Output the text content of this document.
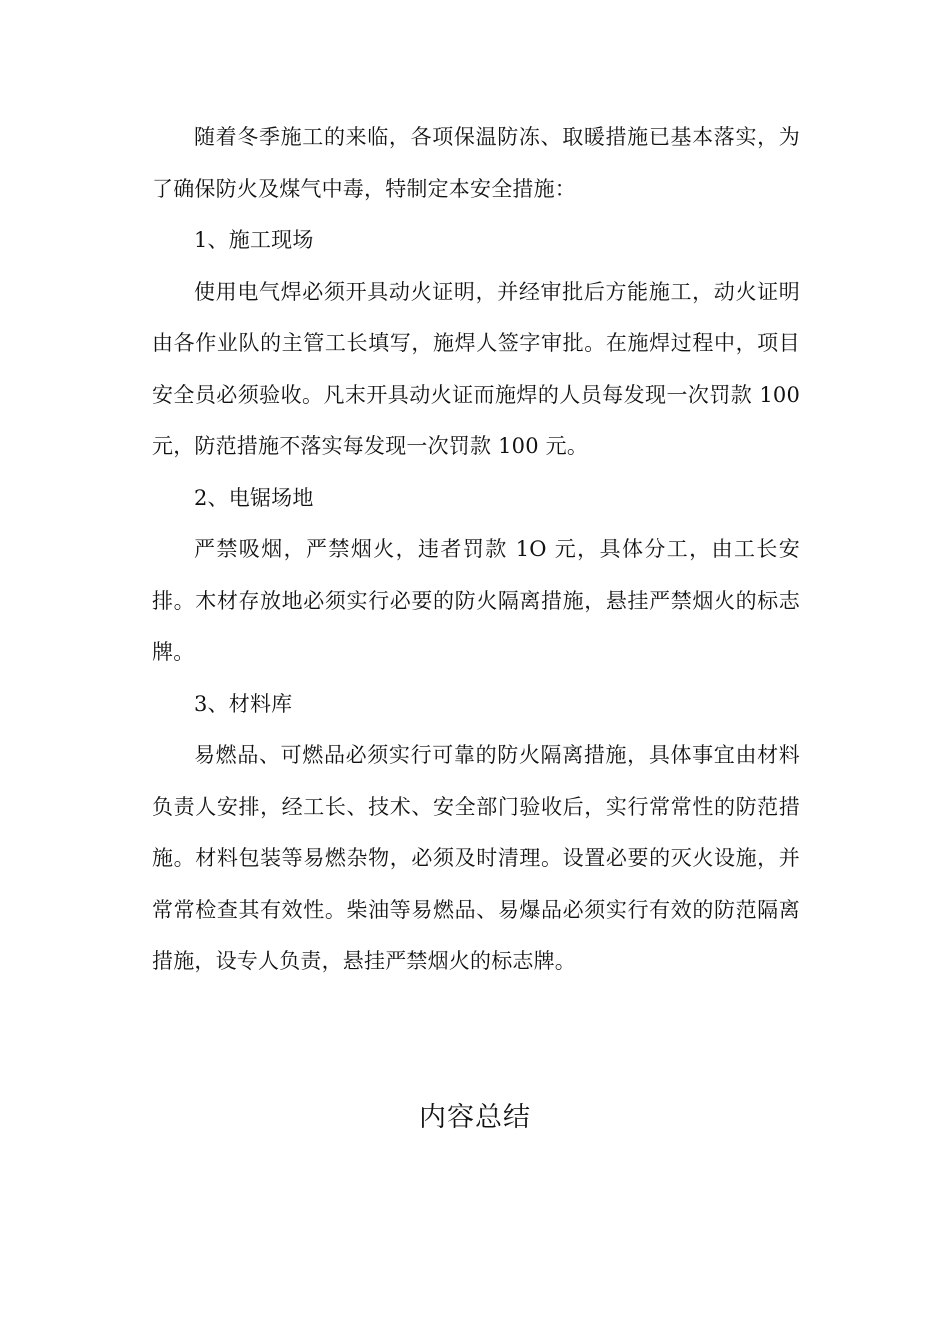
随着冬季施工的来临，各项保温防冻、取暖措施已基本落实，为了确保防火及煤气中毒，特制定本安全措施：

1、施工现场

使用电气焊必须开具动火证明，并经审批后方能施工，动火证明由各作业队的主管工长填写，施焊人签字审批。在施焊过程中，项目安全员必须验收。凡末开具动火证而施焊的人员每发现一次罚款 100 元，防范措施不落实每发现一次罚款 100 元。

2、电锯场地

严禁吸烟，严禁烟火，违者罚款 1O 元，具体分工，由工长安排。木材存放地必须实行必要的防火隔离措施，悬挂严禁烟火的标志牌。

3、材料库

易燃品、可燃品必须实行可靠的防火隔离措施，具体事宜由材料负责人安排，经工长、技术、安全部门验收后，实行常常性的防范措施。材料包装等易燃杂物，必须及时清理。设置必要的灭火设施，并常常检查其有效性。柴油等易燃品、易爆品必须实行有效的防范隔离措施，设专人负责，悬挂严禁烟火的标志牌。

内容总结
